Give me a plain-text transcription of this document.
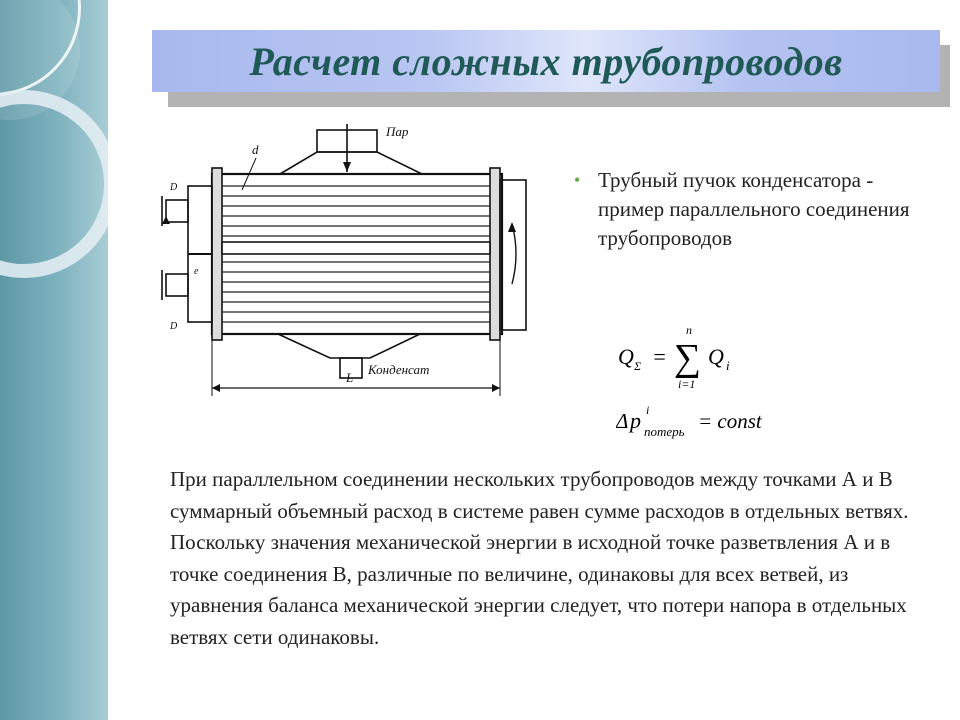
Расчет сложных трубопроводов
Пар
Конденсат
d
L
D
D
e
• Трубный пучок конденсатора - пример параллельного соединения трубопроводов
Q Σ =
n
∑
i=1
Q i
Δ p i
потерь = const
При параллельном соединении нескольких трубопроводов между точками А и В суммарный объемный расход в системе равен сумме расходов в отдельных ветвях. Поскольку значения механической энергии в исходной точке разветвления А и в точке соединения В, различные по величине, одинаковы для всех ветвей, из уравнения баланса механической энергии следует, что потери напора в отдельных ветвях сети одинаковы.
